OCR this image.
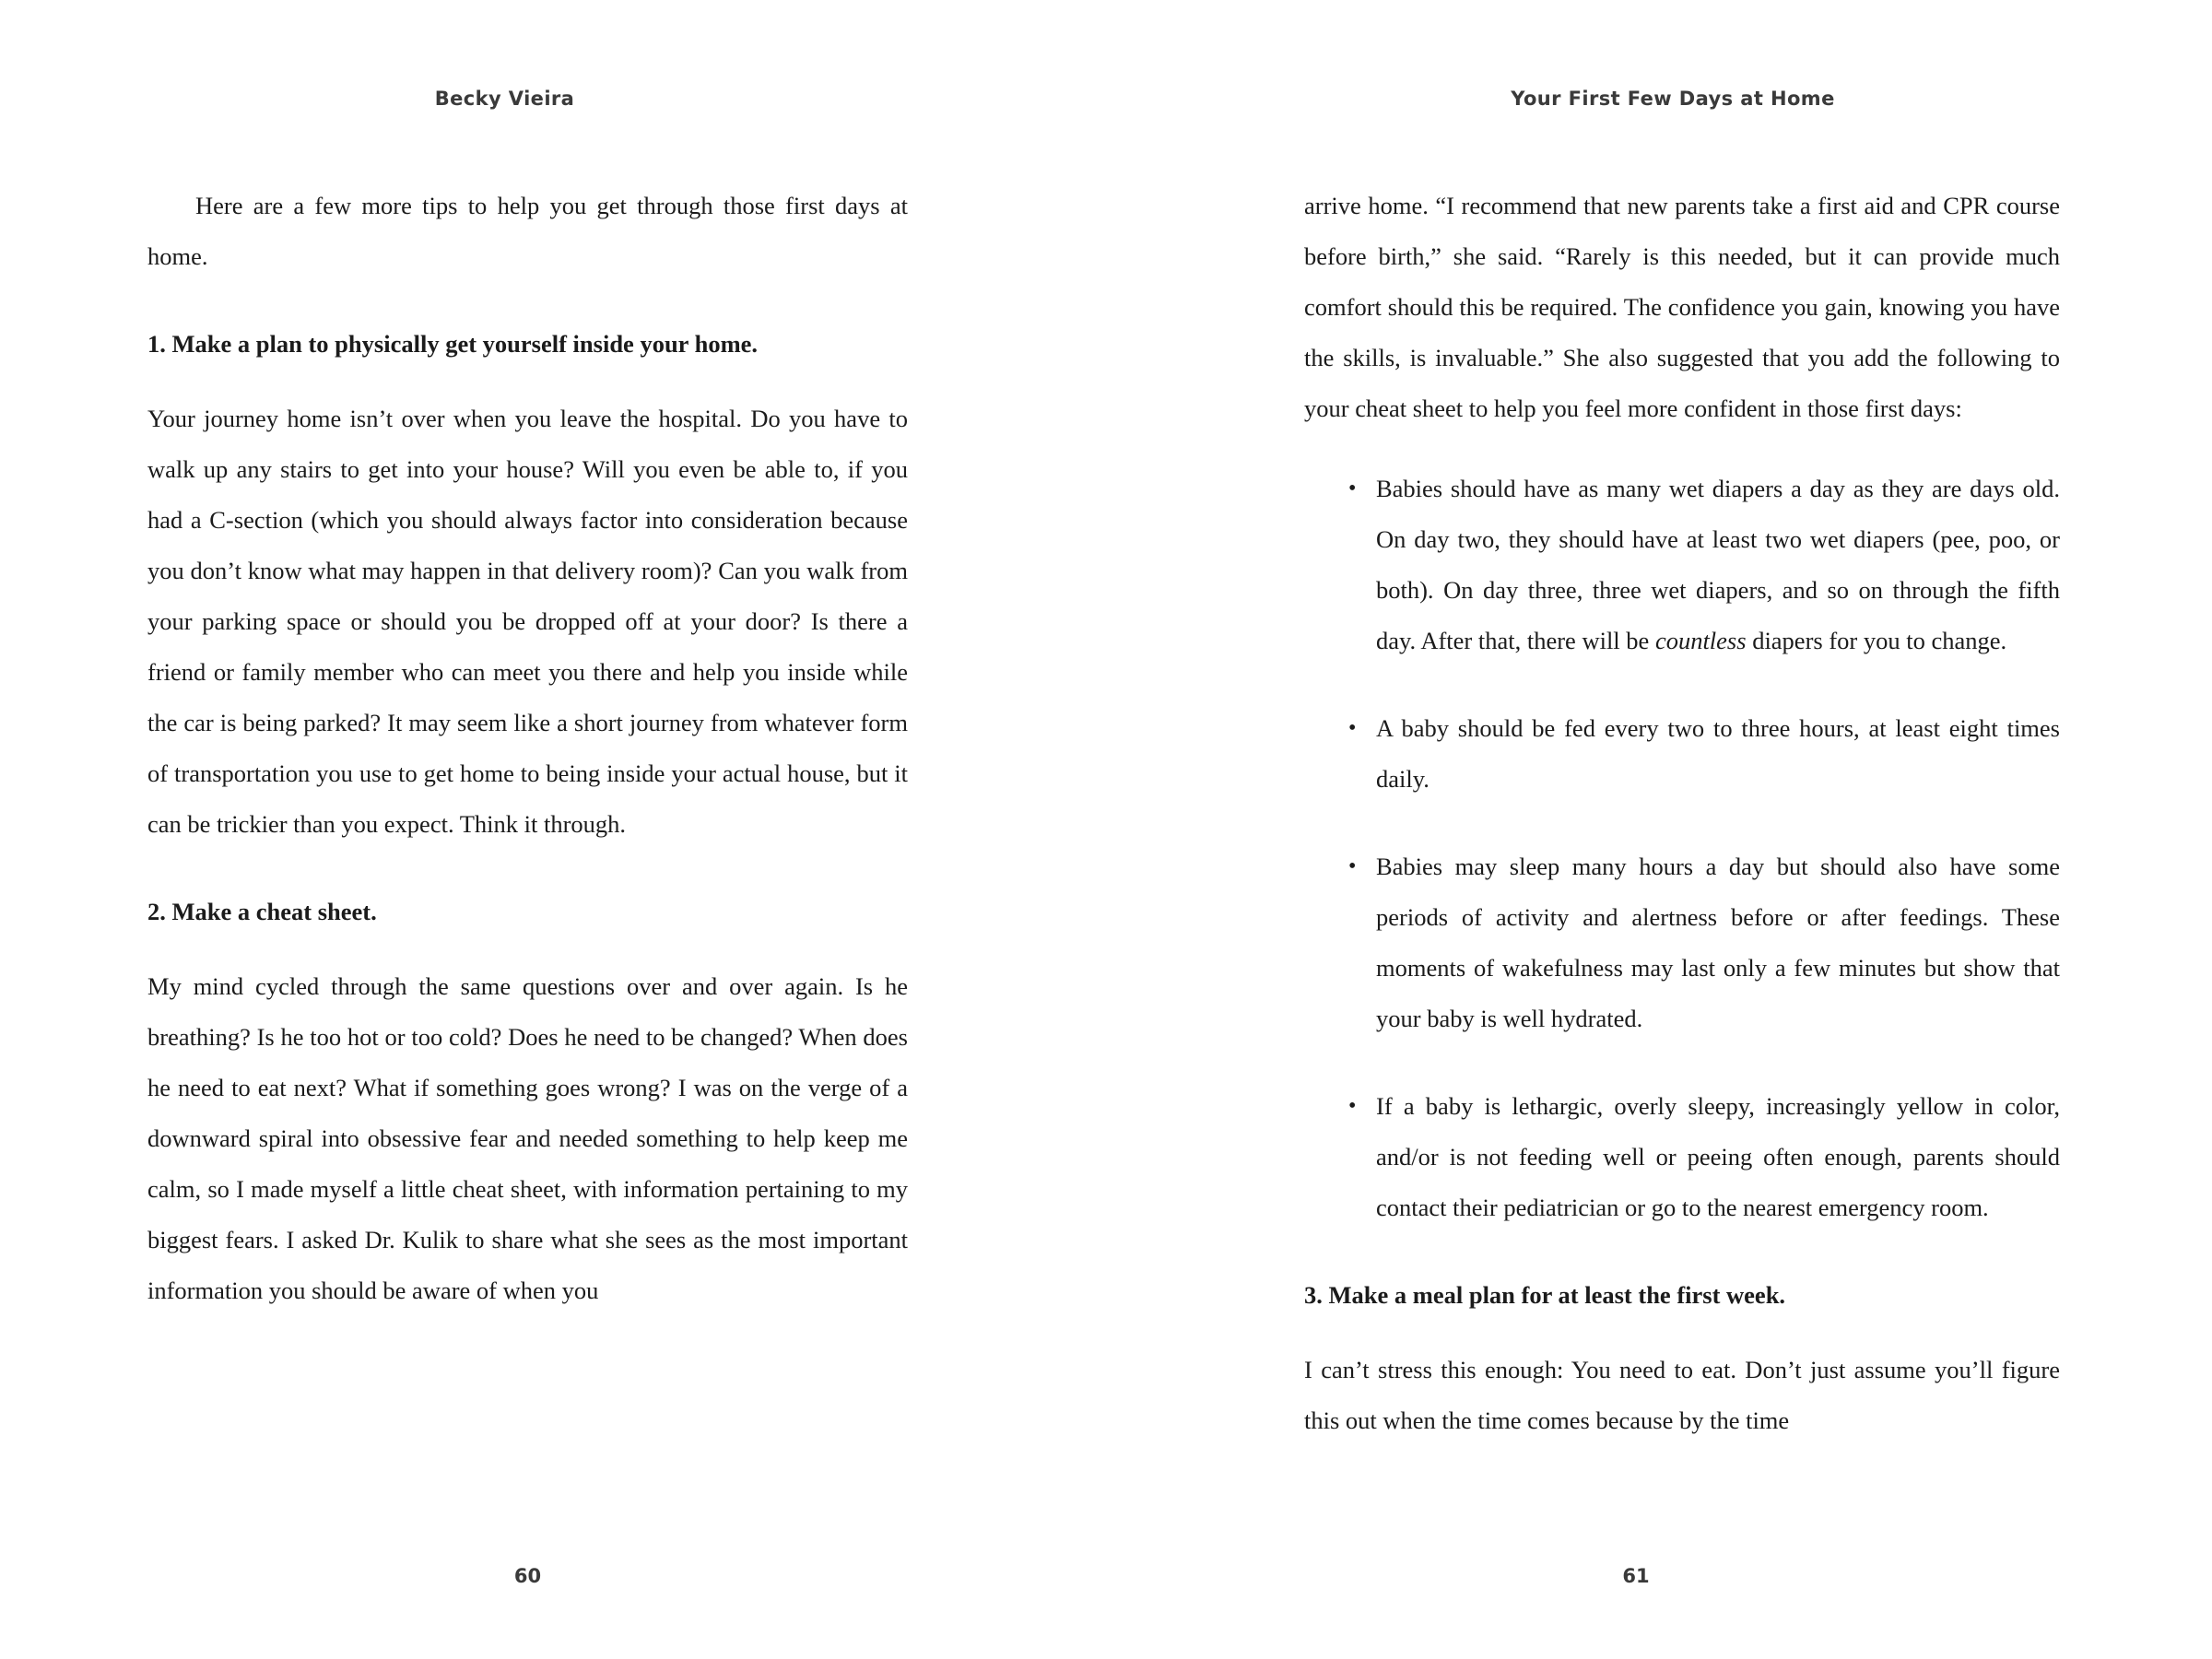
Becky Vieira

Here are a few more tips to help you get through those first days at home.

1. Make a plan to physically get yourself inside your home.

Your journey home isn’t over when you leave the hospital. Do you have to walk up any stairs to get into your house? Will you even be able to, if you had a C-section (which you should always factor into consideration because you don’t know what may happen in that delivery room)? Can you walk from your parking space or should you be dropped off at your door? Is there a friend or family member who can meet you there and help you inside while the car is being parked? It may seem like a short journey from whatever form of transportation you use to get home to being inside your actual house, but it can be trickier than you expect. Think it through.

2. Make a cheat sheet.

My mind cycled through the same questions over and over again. Is he breathing? Is he too hot or too cold? Does he need to be changed? When does he need to eat next? What if something goes wrong? I was on the verge of a downward spiral into obsessive fear and needed something to help keep me calm, so I made myself a little cheat sheet, with information pertaining to my biggest fears. I asked Dr. Kulik to share what she sees as the most important information you should be aware of when you

60
Your First Few Days at Home

arrive home. “I recommend that new parents take a first aid and CPR course before birth,” she said. “Rarely is this needed, but it can provide much comfort should this be required. The confidence you gain, knowing you have the skills, is invaluable.” She also suggested that you add the following to your cheat sheet to help you feel more confident in those first days:

• Babies should have as many wet diapers a day as they are days old. On day two, they should have at least two wet diapers (pee, poo, or both). On day three, three wet diapers, and so on through the fifth day. After that, there will be countless diapers for you to change.
• A baby should be fed every two to three hours, at least eight times daily.
• Babies may sleep many hours a day but should also have some periods of activity and alertness before or after feedings. These moments of wakefulness may last only a few minutes but show that your baby is well hydrated.
• If a baby is lethargic, overly sleepy, increasingly yellow in color, and/or is not feeding well or peeing often enough, parents should contact their pediatrician or go to the nearest emergency room.
3. Make a meal plan for at least the first week.

I can’t stress this enough: You need to eat. Don’t just assume you’ll figure this out when the time comes because by the time

61
